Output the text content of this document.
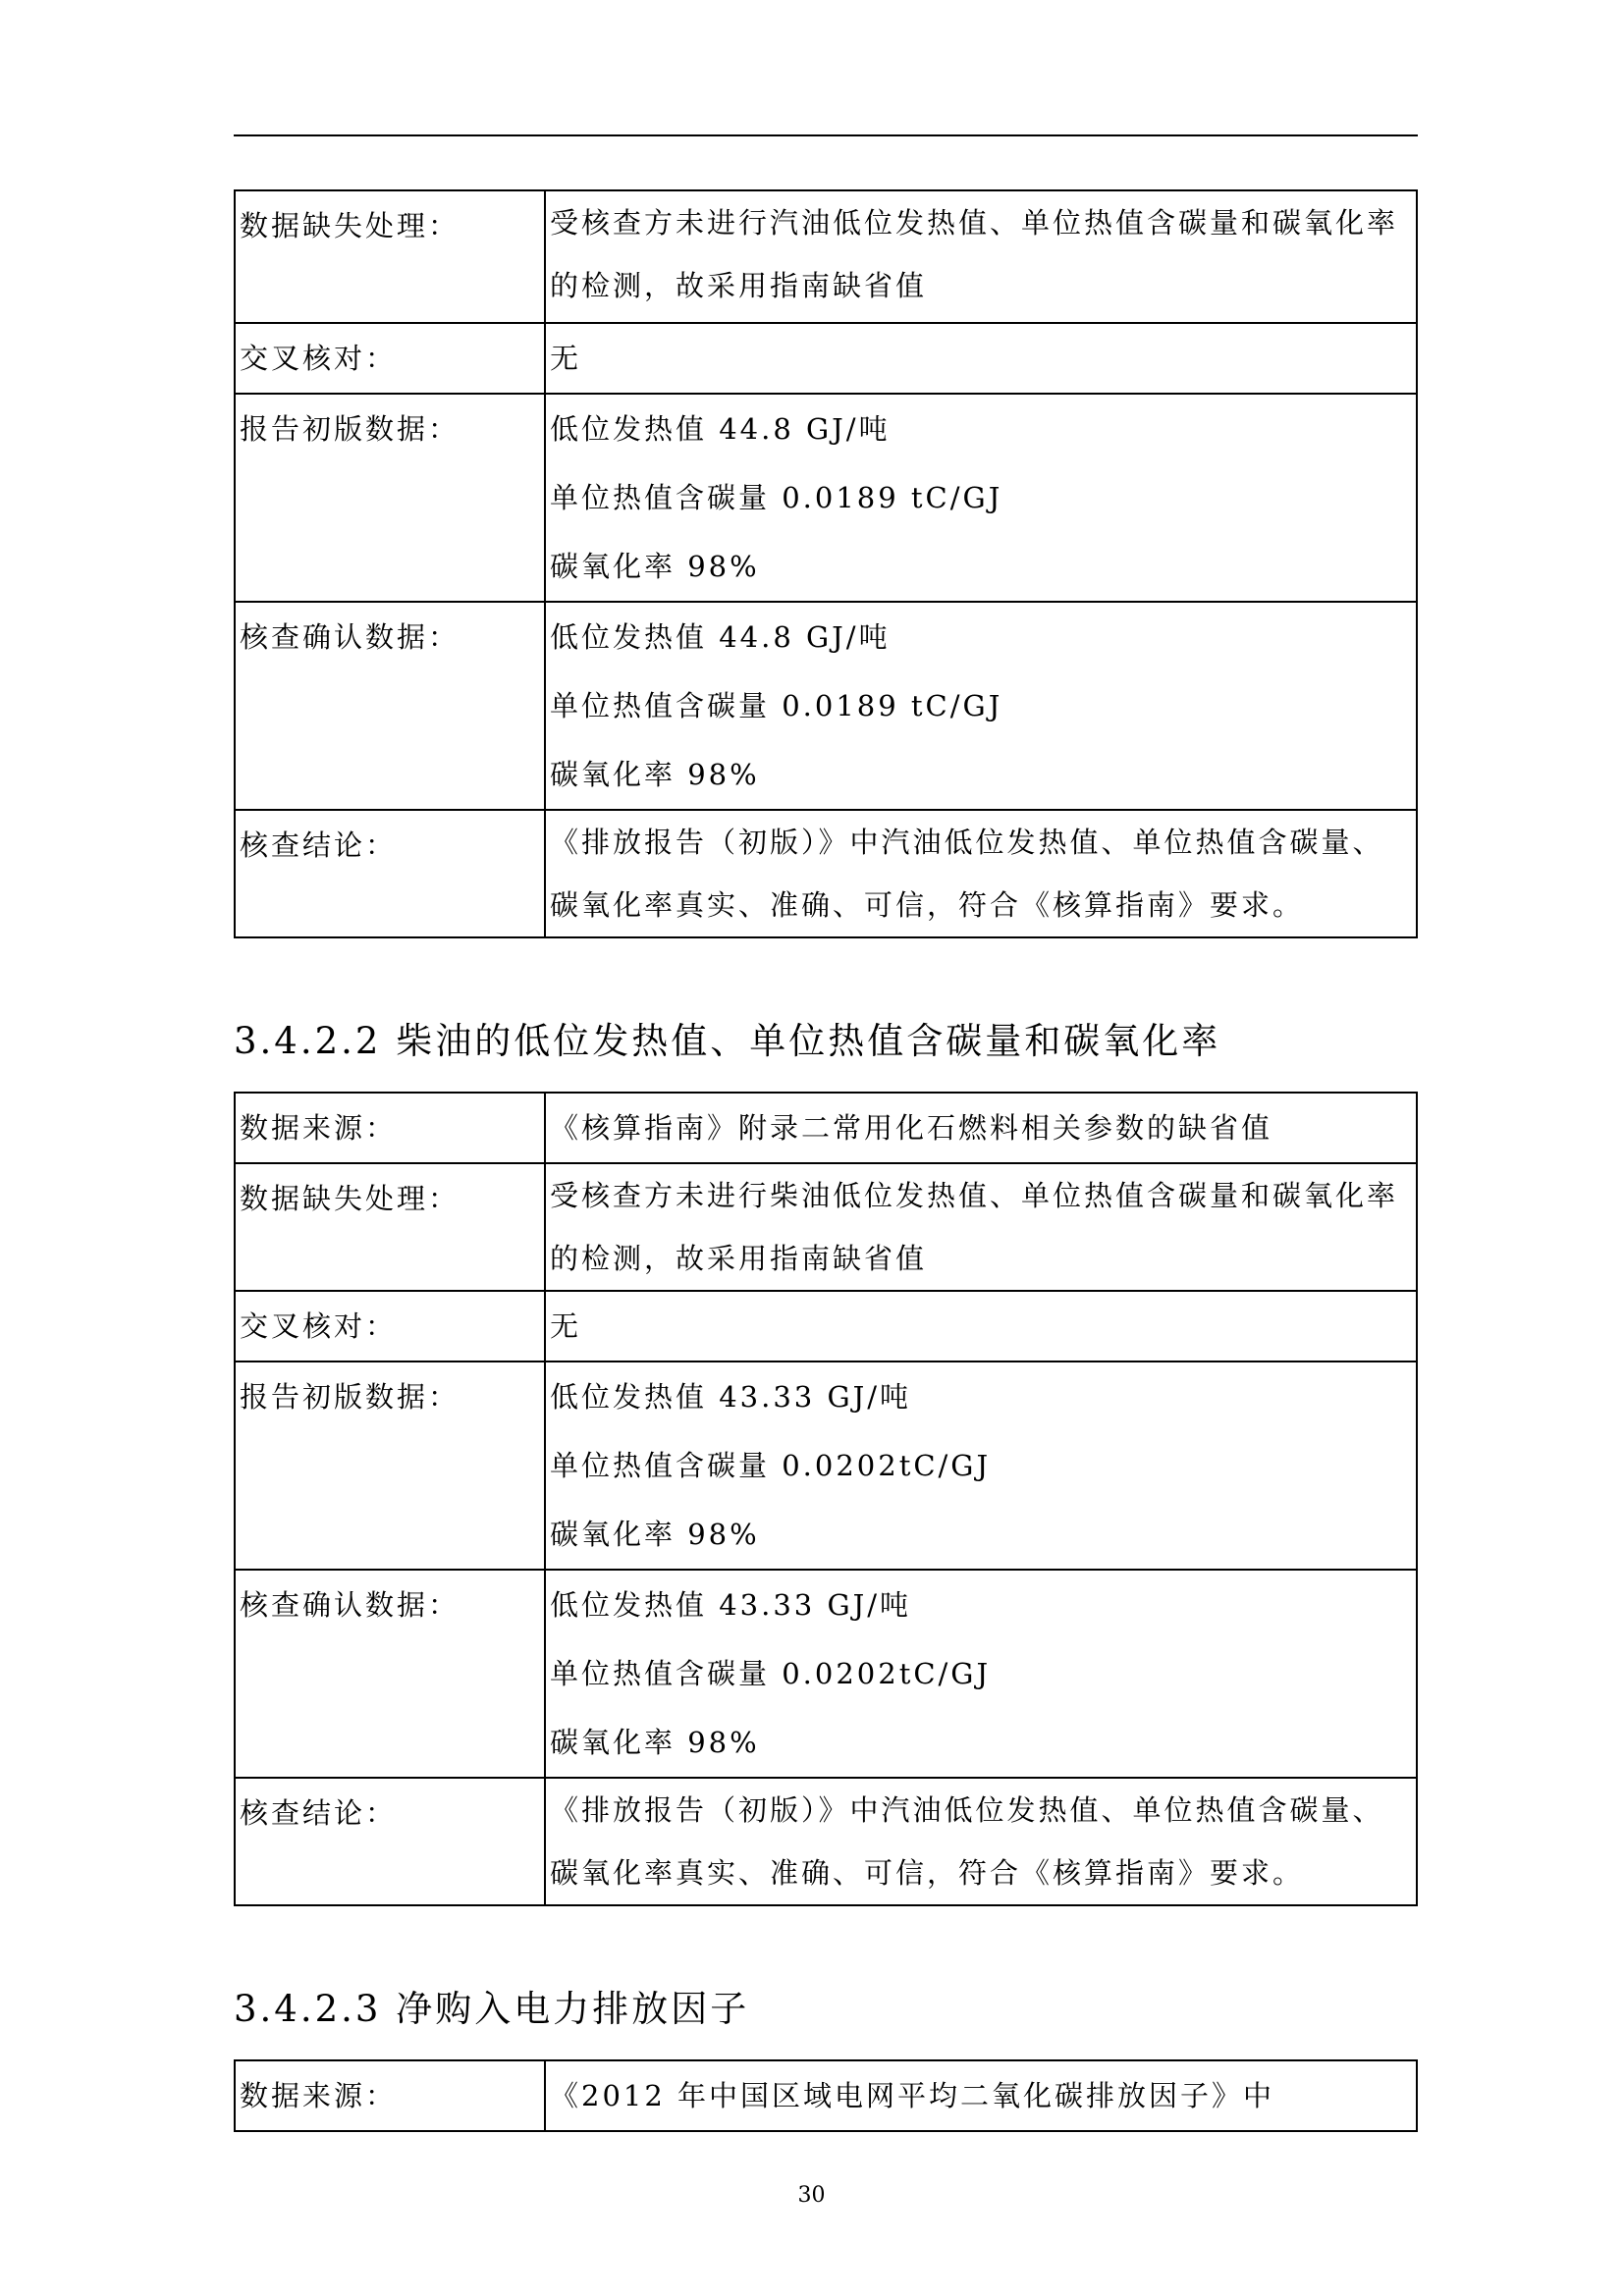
数据缺失处理：	受核查方未进行汽油低位发热值、单位热值含碳量和碳氧化率
的检测，故采用指南缺省值

交叉核对：	无

报告初版数据：	低位发热值 44.8 GJ/吨
单位热值含碳量 0.0189 tC/GJ
碳氧化率 98%

核查确认数据：	低位发热值 44.8 GJ/吨
单位热值含碳量 0.0189 tC/GJ
碳氧化率 98%

核查结论：	《排放报告（初版）》中汽油低位发热值、单位热值含碳量、
碳氧化率真实、准确、可信，符合《核算指南》要求。
3.4.2.2 柴油的低位发热值、单位热值含碳量和碳氧化率
数据来源：	《核算指南》附录二常用化石燃料相关参数的缺省值

数据缺失处理：	受核查方未进行柴油低位发热值、单位热值含碳量和碳氧化率
的检测，故采用指南缺省值

交叉核对：	无

报告初版数据：	低位发热值 43.33 GJ/吨
单位热值含碳量 0.0202tC/GJ
碳氧化率 98%

核查确认数据：	低位发热值 43.33 GJ/吨
单位热值含碳量 0.0202tC/GJ
碳氧化率 98%

核查结论：	《排放报告（初版）》中汽油低位发热值、单位热值含碳量、
碳氧化率真实、准确、可信，符合《核算指南》要求。
3.4.2.3 净购入电力排放因子
数据来源：	《2012 年中国区域电网平均二氧化碳排放因子》中
30
